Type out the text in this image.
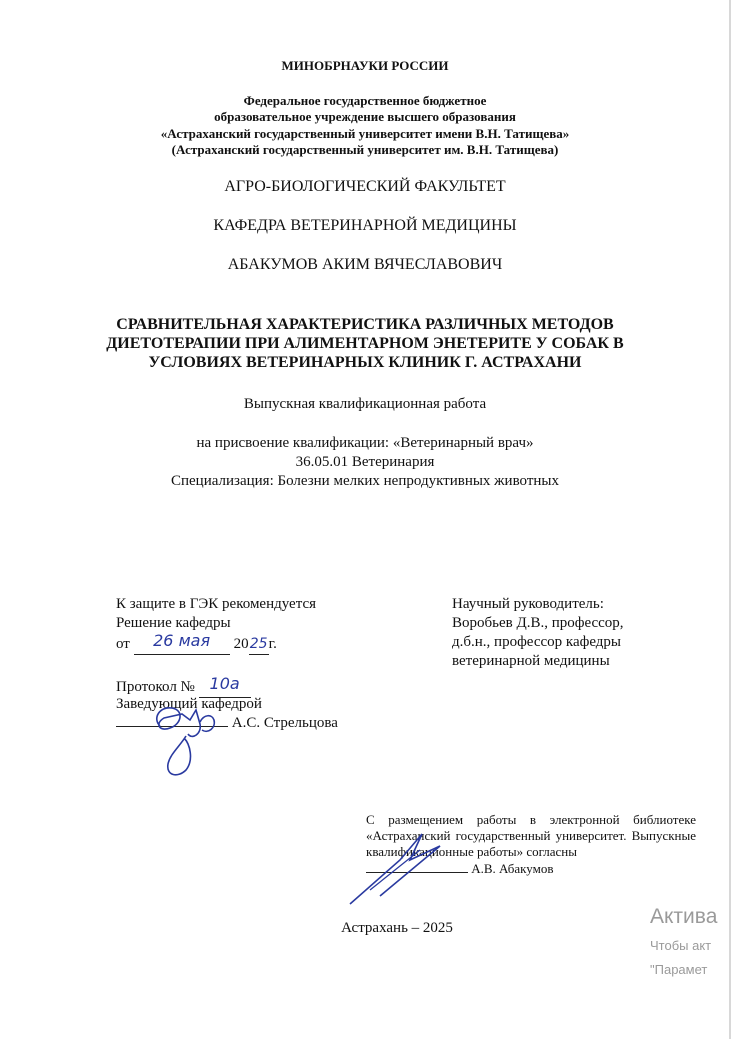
МИНОБРНАУКИ РОССИИ
Федеральное государственное бюджетное
образовательное учреждение высшего образования
«Астраханский государственный университет имени В.Н. Татищева»
(Астраханский государственный университет им. В.Н. Татищева)
АГРО-БИОЛОГИЧЕСКИЙ ФАКУЛЬТЕТ
КАФЕДРА ВЕТЕРИНАРНОЙ МЕДИЦИНЫ
АБАКУМОВ АКИМ ВЯЧЕСЛАВОВИЧ
СРАВНИТЕЛЬНАЯ ХАРАКТЕРИСТИКА РАЗЛИЧНЫХ МЕТОДОВ
ДИЕТОТЕРАПИИ ПРИ АЛИМЕНТАРНОМ ЭНЕТЕРИТЕ У СОБАК В
УСЛОВИЯХ ВЕТЕРИНАРНЫХ КЛИНИК Г. АСТРАХАНИ
Выпускная квалификационная работа
на присвоение квалификации: «Ветеринарный врач»
36.05.01 Ветеринария
Специализация: Болезни мелких непродуктивных животных
К защите в ГЭК рекомендуется
Решение кафедры
от 26 мая 2025г.
Протокол № 10а
Заведующий кафедрой
А.С. Стрельцова
Научный руководитель:
Воробьев Д.В., профессор,
д.б.н., профессор кафедры
ветеринарной медицины
С размещением работы в электронной библиотеке «Астраханский государственный университет. Выпускные квалификационные работы» согласны
А.В. Абакумов
Астрахань – 2025	Актива
Чтобы акт
"Парамет
